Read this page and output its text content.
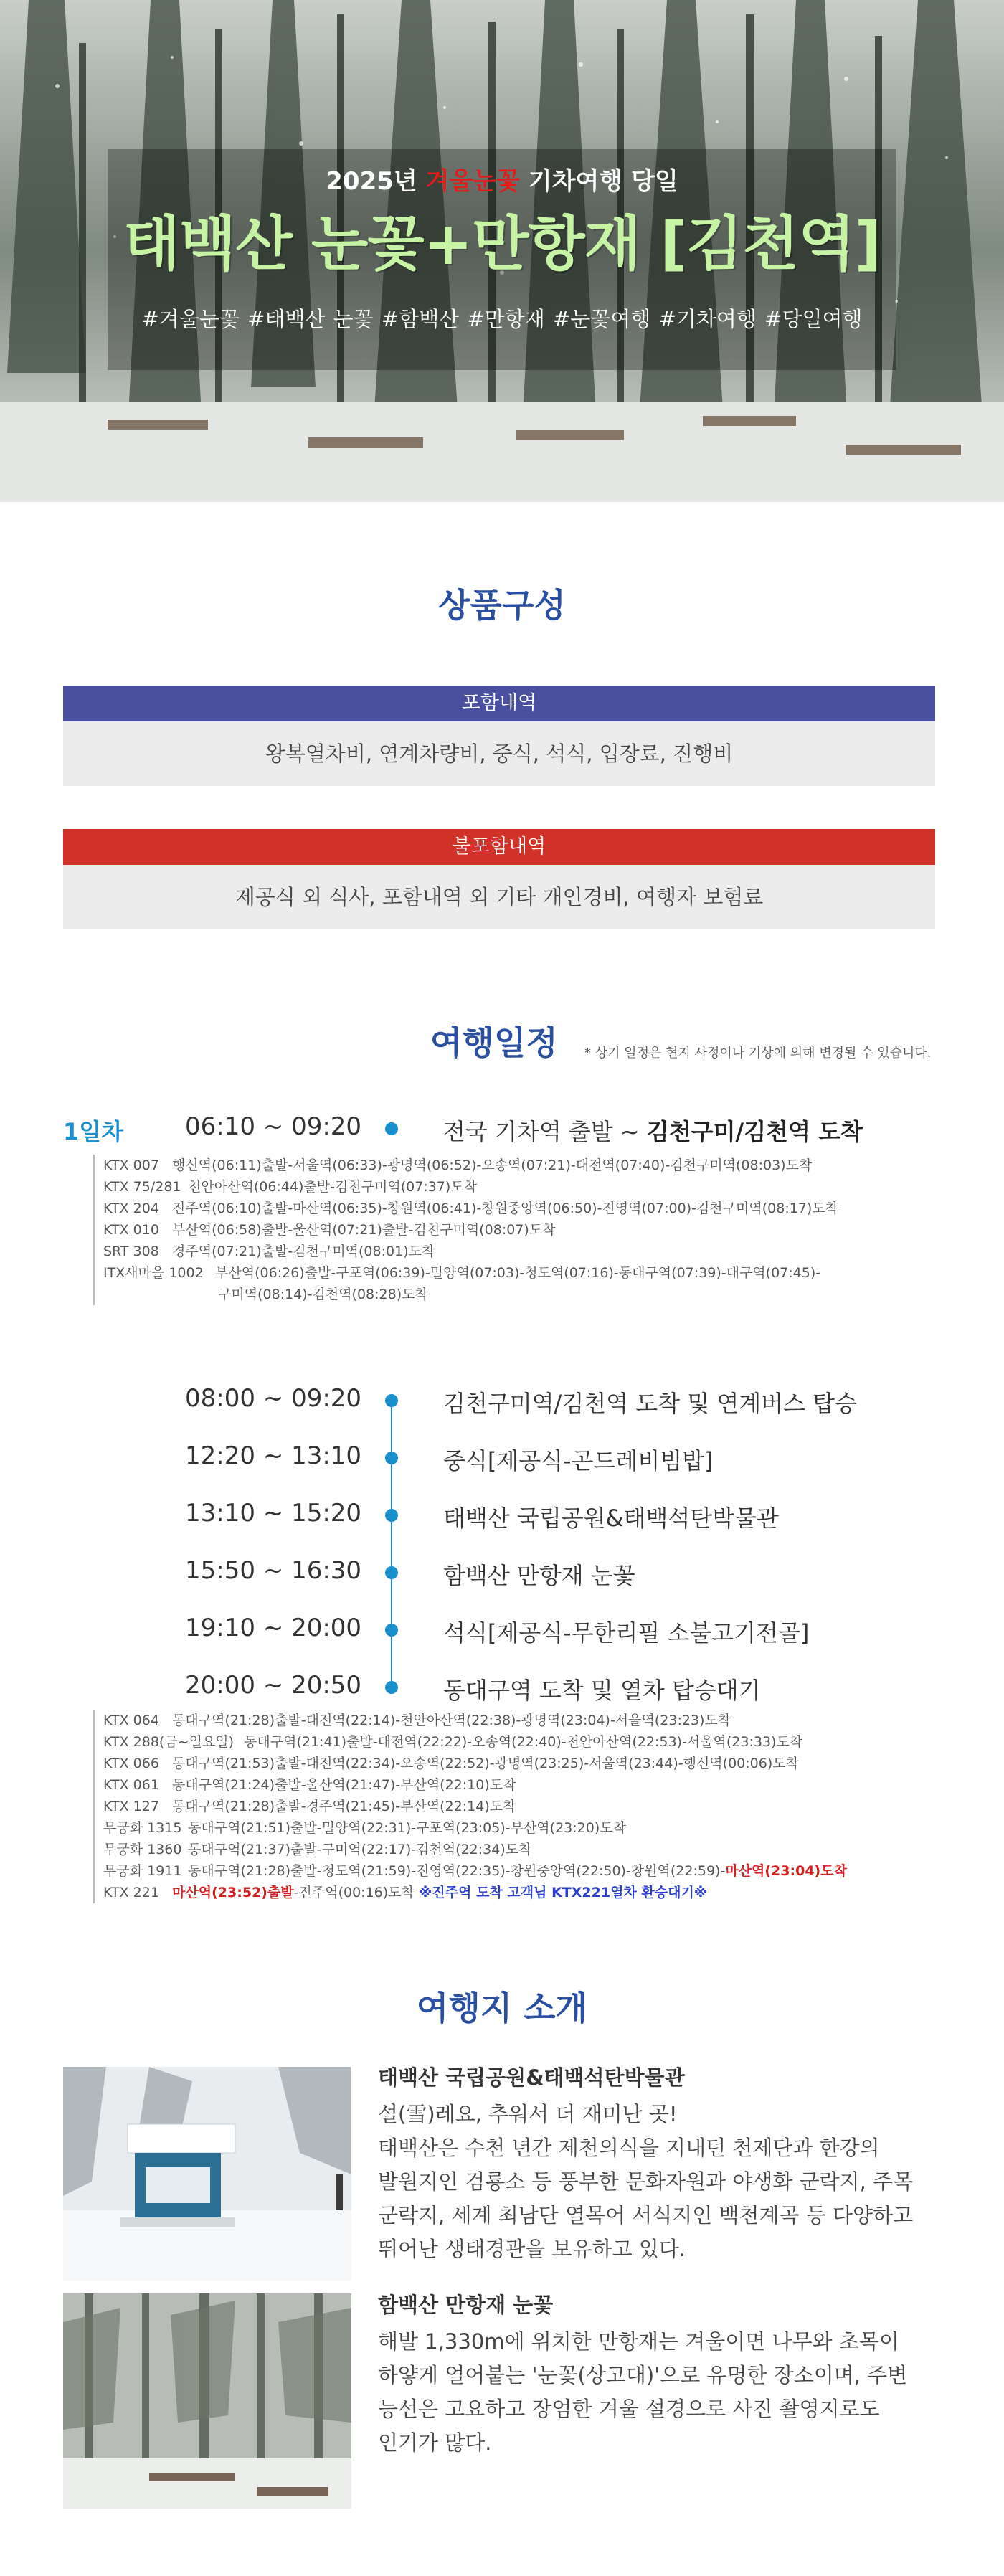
2025년 겨울눈꽃 기차여행 당일
태백산 눈꽃+만항재 [김천역]
#겨울눈꽃 #태백산 눈꽃 #함백산 #만항재 #눈꽃여행 #기차여행 #당일여행
상품구성
포함내역
왕복열차비, 연계차량비, 중식, 석식, 입장료, 진행비
불포함내역
제공식 외 식사, 포함내역 외 기타 개인경비, 여행자 보험료
여행일정	* 상기 일정은 현지 사정이나 기상에 의해 변경될 수 있습니다.
1일차	06:10 ~ 09:20	전국 기차역 출발 ~ 김천구미/김천역 도착
KTX 007 행신역(06:11)출발-서울역(06:33)-광명역(06:52)-오송역(07:21)-대전역(07:40)-김천구미역(08:03)도착
KTX 75/281 천안아산역(06:44)출발-김천구미역(07:37)도착
KTX 204 진주역(06:10)출발-마산역(06:35)-창원역(06:41)-창원중앙역(06:50)-진영역(07:00)-김천구미역(08:17)도착
KTX 010 부산역(06:58)출발-울산역(07:21)출발-김천구미역(08:07)도착
SRT 308 경주역(07:21)출발-김천구미역(08:01)도착
ITX새마을 1002 부산역(06:26)출발-구포역(06:39)-밀양역(07:03)-청도역(07:16)-동대구역(07:39)-대구역(07:45)-
구미역(08:14)-김천역(08:28)도착
08:00 ~ 09:20	김천구미역/김천역 도착 및 연계버스 탑승
12:20 ~ 13:10	중식[제공식-곤드레비빔밥]
13:10 ~ 15:20	태백산 국립공원&태백석탄박물관
15:50 ~ 16:30	함백산 만항재 눈꽃
19:10 ~ 20:00	석식[제공식-무한리필 소불고기전골]
20:00 ~ 20:50	동대구역 도착 및 열차 탑승대기
KTX 064 동대구역(21:28)출발-대전역(22:14)-천안아산역(22:38)-광명역(23:04)-서울역(23:23)도착
KTX 288(금~일요일) 동대구역(21:41)출발-대전역(22:22)-오송역(22:40)-천안아산역(22:53)-서울역(23:33)도착
KTX 066 동대구역(21:53)출발-대전역(22:34)-오송역(22:52)-광명역(23:25)-서울역(23:44)-행신역(00:06)도착
KTX 061 동대구역(21:24)출발-울산역(21:47)-부산역(22:10)도착
KTX 127 동대구역(21:28)출발-경주역(21:45)-부산역(22:14)도착
무궁화 1315 동대구역(21:51)출발-밀양역(22:31)-구포역(23:05)-부산역(23:20)도착
무궁화 1360 동대구역(21:37)출발-구미역(22:17)-김천역(22:34)도착
무궁화 1911 동대구역(21:28)출발-청도역(21:59)-진영역(22:35)-창원중앙역(22:50)-창원역(22:59)-마산역(23:04)도착
KTX 221 마산역(23:52)출발-진주역(00:16)도착 ※진주역 도착 고객님 KTX221열차 환승대기※
여행지 소개
태백산 국립공원&태백석탄박물관
설(雪)레요, 추워서 더 재미난 곳!
태백산은 수천 년간 제천의식을 지내던 천제단과 한강의
발원지인 검룡소 등 풍부한 문화자원과 야생화 군락지, 주목
군락지, 세계 최남단 열목어 서식지인 백천계곡 등 다양하고
뛰어난 생태경관을 보유하고 있다.
함백산 만항재 눈꽃
해발 1,330m에 위치한 만항재는 겨울이면 나무와 초목이
하얗게 얼어붙는 '눈꽃(상고대)'으로 유명한 장소이며, 주변
능선은 고요하고 장엄한 겨울 설경으로 사진 촬영지로도
인기가 많다.
